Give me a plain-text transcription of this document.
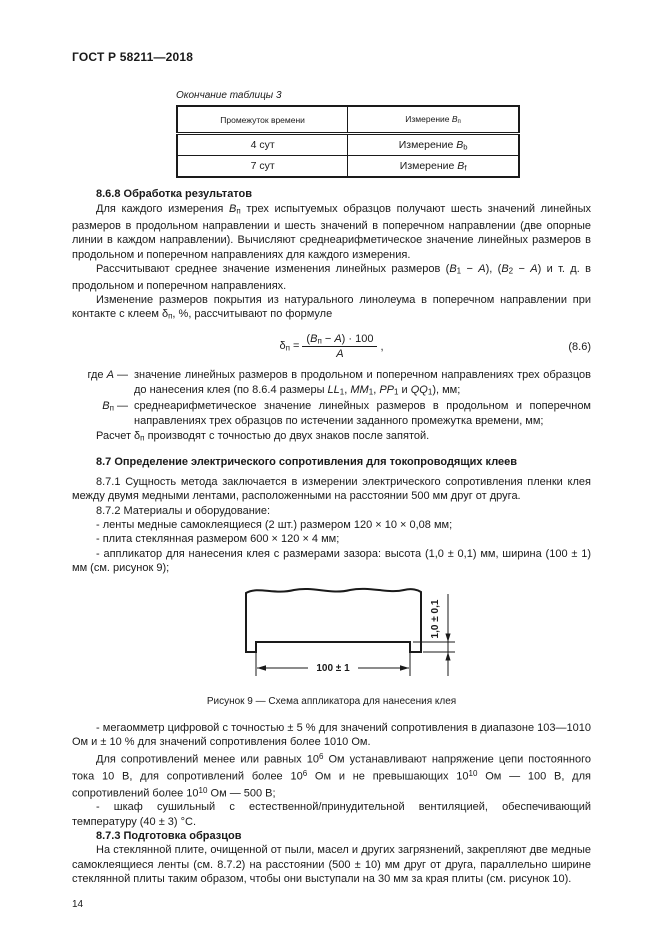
ГОСТ Р 58211—2018
Окончание таблицы 3
Промежуток времени	Измерение Bп
4 сут	Измерение Bb
7 сут	Измерение Bf
8.6.8 Обработка результатов

Для каждого измерения Bп трех испытуемых образцов получают шесть значений линейных размеров в продольном направлении и шесть значений в поперечном направлении (две опорные линии в каждом направлении). Вычисляют среднеарифметическое значение линейных размеров в продольном и поперечном направлениях для каждого измерения.

Рассчитывают среднее значение изменения линейных размеров (B1 − A), (B2 − A) и т. д. в продольном и поперечном направлениях.

Изменение размеров покрытия из натурального линолеума в поперечном направлении при контакте с клеем δп, %, рассчитывают по формуле

$\delta п = \frac{(Bп - A) \cdot 100}{A}$ ,	(8.6)
где A — значение линейных размеров в продольном и поперечном направлениях трех образцов до нанесения клея (по 8.6.4 размеры LL1, MM1, PP1 и QQ1), мм;
Bп — среднеарифметическое значение линейных размеров в продольном и поперечном направлениях трех образцов по истечении заданного промежутка времени, мм;

Расчет δп производят с точностью до двух знаков после запятой.

8.7 Определение электрического сопротивления для токопроводящих клеев

8.7.1 Сущность метода заключается в измерении электрического сопротивления пленки клея между двумя медными лентами, расположенными на расстоянии 500 мм друг от друга.

8.7.2 Материалы и оборудование:

- ленты медные самоклеящиеся (2 шт.) размером 120 × 10 × 0,08 мм;

- плита стеклянная размером 600 × 120 × 4 мм;

- аппликатор для нанесения клея с размерами зазора: высота (1,0 ± 0,1) мм, ширина (100 ± 1) мм (см. рисунок 9);

100 ± 1
1,0 ± 0,1
Рисунок 9 — Схема аппликатора для нанесения клея

- мегаомметр цифровой с точностью ± 5 % для значений сопротивления в диапазоне 103—1010 Ом и ± 10 % для значений сопротивления более 1010 Ом.

Для сопротивлений менее или равных $10^6$ Ом устанавливают напряжение цепи постоянного тока 10 В, для сопротивлений более $10^6$ Ом и не превышающих $10^{10}$ Ом — 100 В, для сопротивлений более $10^{10}$ Ом — 500 В;

- шкаф сушильный с естественной/принудительной вентиляцией, обеспечивающий температуру (40 ± 3) °С.

8.7.3 Подготовка образцов

На стеклянной плите, очищенной от пыли, масел и других загрязнений, закрепляют две медные самоклеящиеся ленты (см. 8.7.2) на расстоянии (500 ± 10) мм друг от друга, параллельно ширине стеклянной плиты таким образом, чтобы они выступали на 30 мм за края плиты (см. рисунок 10).

14
